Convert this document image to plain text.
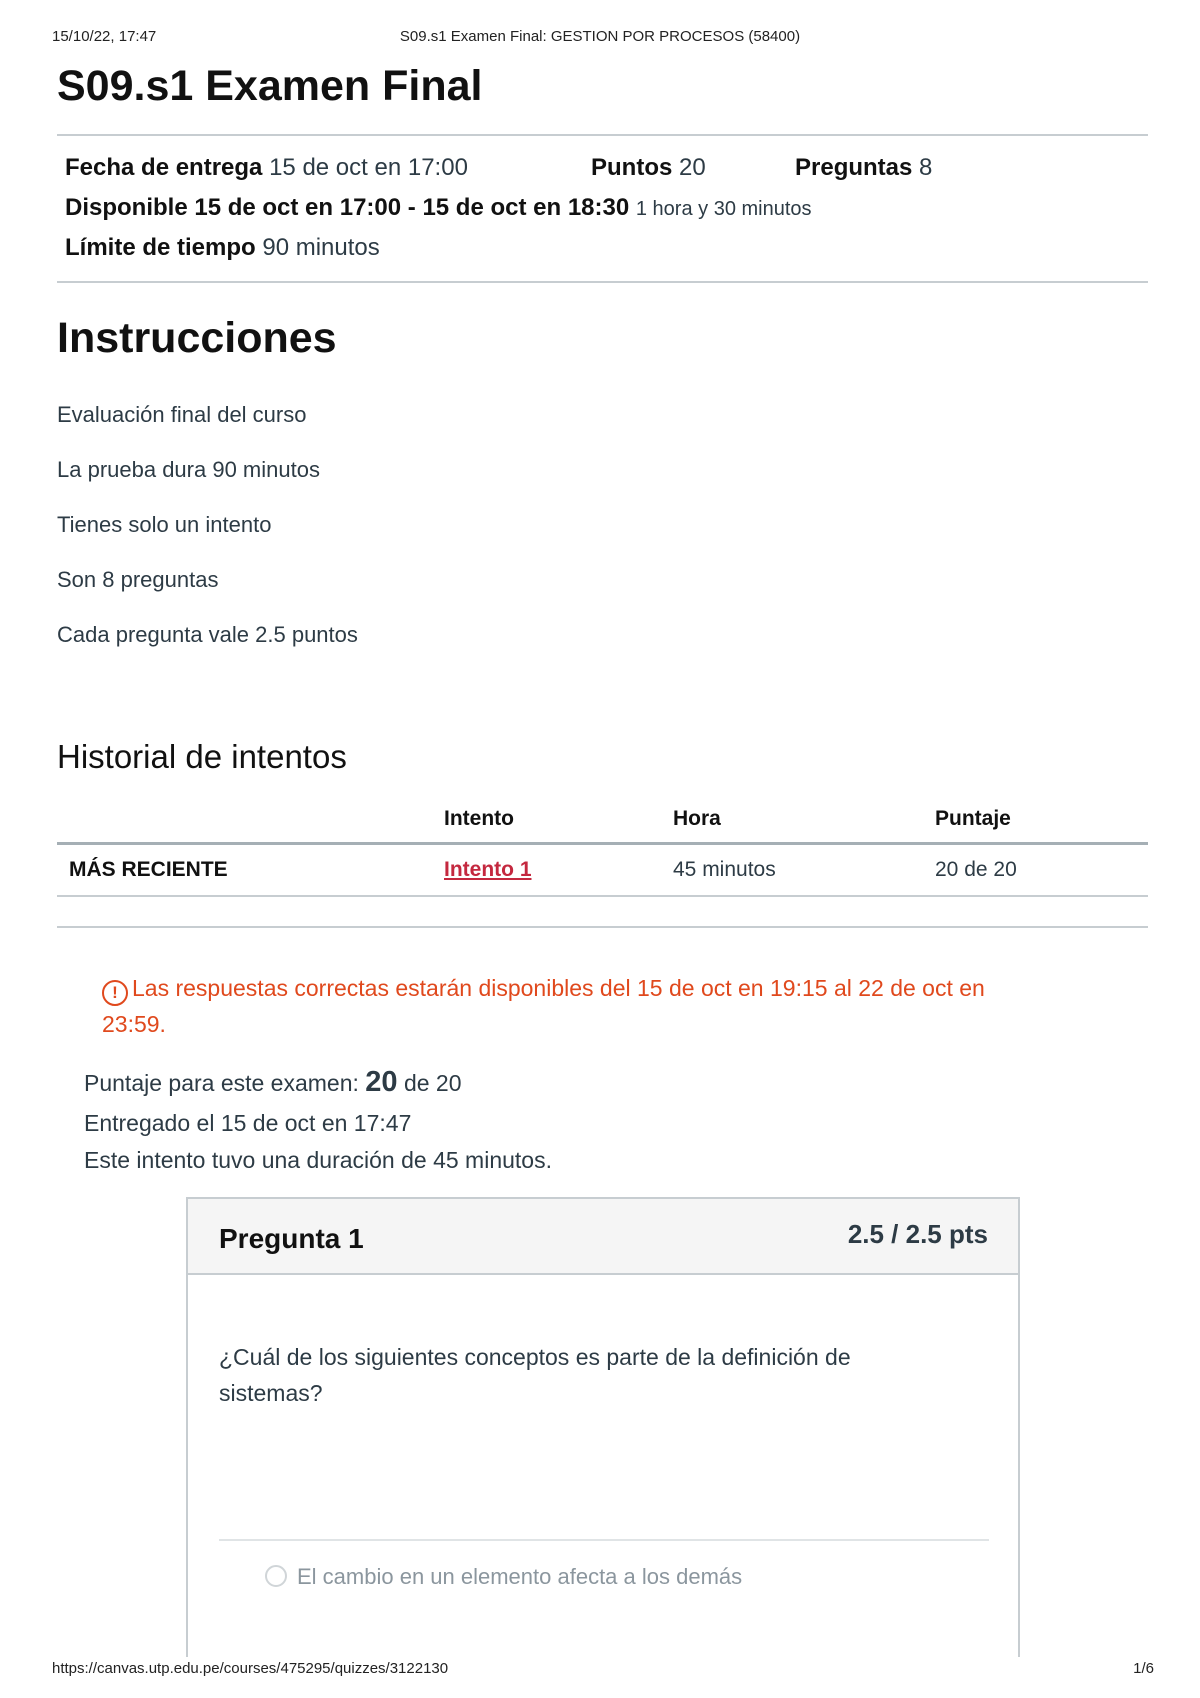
15/10/22, 17:47	S09.s1 Examen Final: GESTION POR PROCESOS (58400)
S09.s1 Examen Final
Fecha de entrega 15 de oct en 17:00	Puntos 20	Preguntas 8
Disponible 15 de oct en 17:00 - 15 de oct en 18:30 1 hora y 30 minutos
Límite de tiempo 90 minutos
Instrucciones
Evaluación final del curso
La prueba dura 90 minutos
Tienes solo un intento
Son 8 preguntas
Cada pregunta vale 2.5 puntos
Historial de intentos
	Intento	Hora	Puntaje
MÁS RECIENTE	Intento 1	45 minutos	20 de 20
! Las respuestas correctas estarán disponibles del 15 de oct en 19:15 al 22 de oct en 23:59.
Puntaje para este examen: 20 de 20
Entregado el 15 de oct en 17:47
Este intento tuvo una duración de 45 minutos.
Pregunta 1	2.5 / 2.5 pts
¿Cuál de los siguientes conceptos es parte de la definición de sistemas?
El cambio en un elemento afecta a los demás
https://canvas.utp.edu.pe/courses/475295/quizzes/3122130	1/6
